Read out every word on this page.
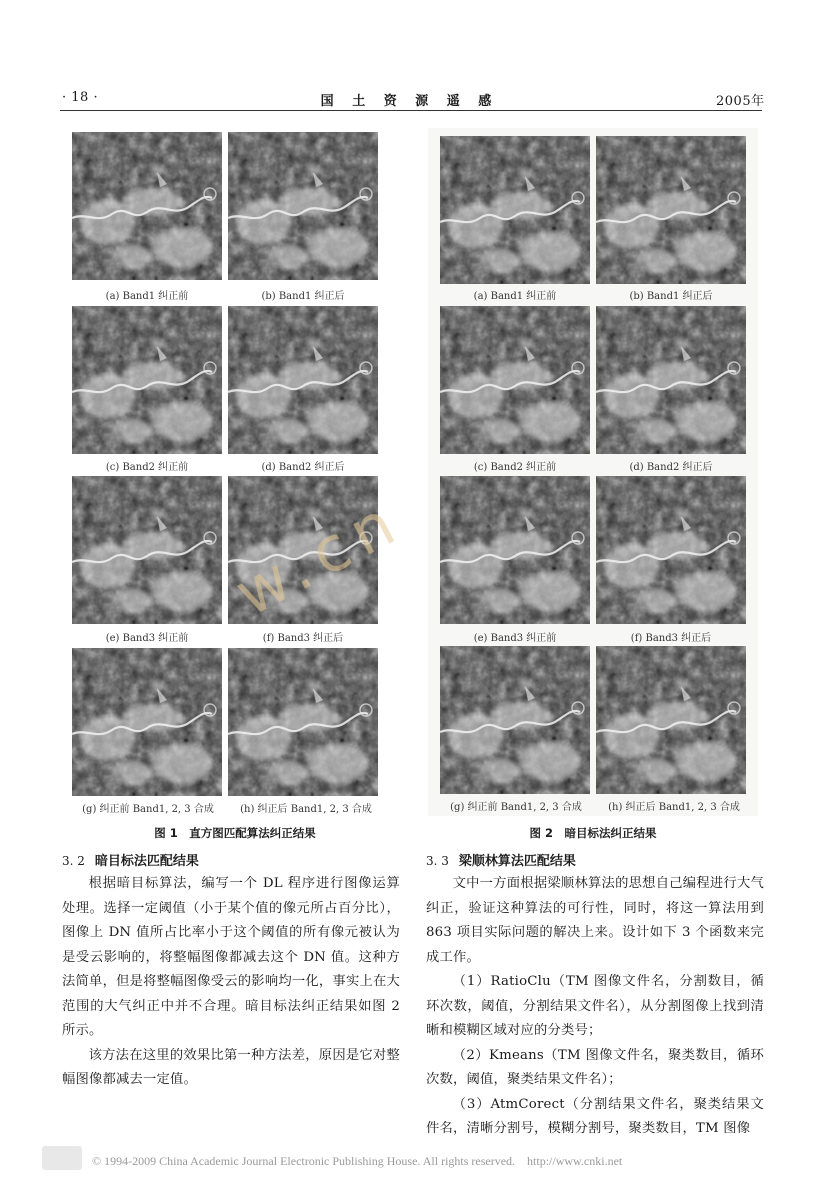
· 18 ·	国 土 资 源 遥 感	2005年
(a) Band1 纠正前	(b) Band1 纠正后
(c) Band2 纠正前	(d) Band2 纠正后
(e) Band3 纠正前	(f) Band3 纠正后
(g) 纠正前 Band1, 2, 3 合成	(h) 纠正后 Band1, 2, 3 合成
图 1　直方图匹配算法纠正结果
(a) Band1 纠正前	(b) Band1 纠正后
(c) Band2 纠正前	(d) Band2 纠正后
(e) Band3 纠正前	(f) Band3 纠正后
(g) 纠正前 Band1, 2, 3 合成	(h) 纠正后 Band1, 2, 3 合成
图 2　暗目标法纠正结果
w.cn
3. 2 暗目标法匹配结果

根据暗目标算法，编写一个 DL 程序进行图像运算处理。选择一定阈值（小于某个值的像元所占百分比），图像上 DN 值所占比率小于这个阈值的所有像元被认为是受云影响的，将整幅图像都减去这个 DN 值。这种方法简单，但是将整幅图像受云的影响均一化，事实上在大范围的大气纠正中并不合理。暗目标法纠正结果如图 2 所示。

该方法在这里的效果比第一种方法差，原因是它对整幅图像都减去一定值。

3. 3 梁顺林算法匹配结果

文中一方面根据梁顺林算法的思想自己编程进行大气纠正，验证这种算法的可行性，同时，将这一算法用到 863 项目实际问题的解决上来。设计如下 3 个函数来完成工作。

（1）RatioClu（TM 图像文件名，分割数目，循环次数，阈值，分割结果文件名），从分割图像上找到清晰和模糊区域对应的分类号；

（2）Kmeans（TM 图像文件名，聚类数目，循环次数，阈值，聚类结果文件名）；

（3）AtmCorect（分割结果文件名，聚类结果文件名，清晰分割号，模糊分割号，聚类数目，TM 图像

© 1994-2009 China Academic Journal Electronic Publishing House. All rights reserved.　http://www.cnki.net
